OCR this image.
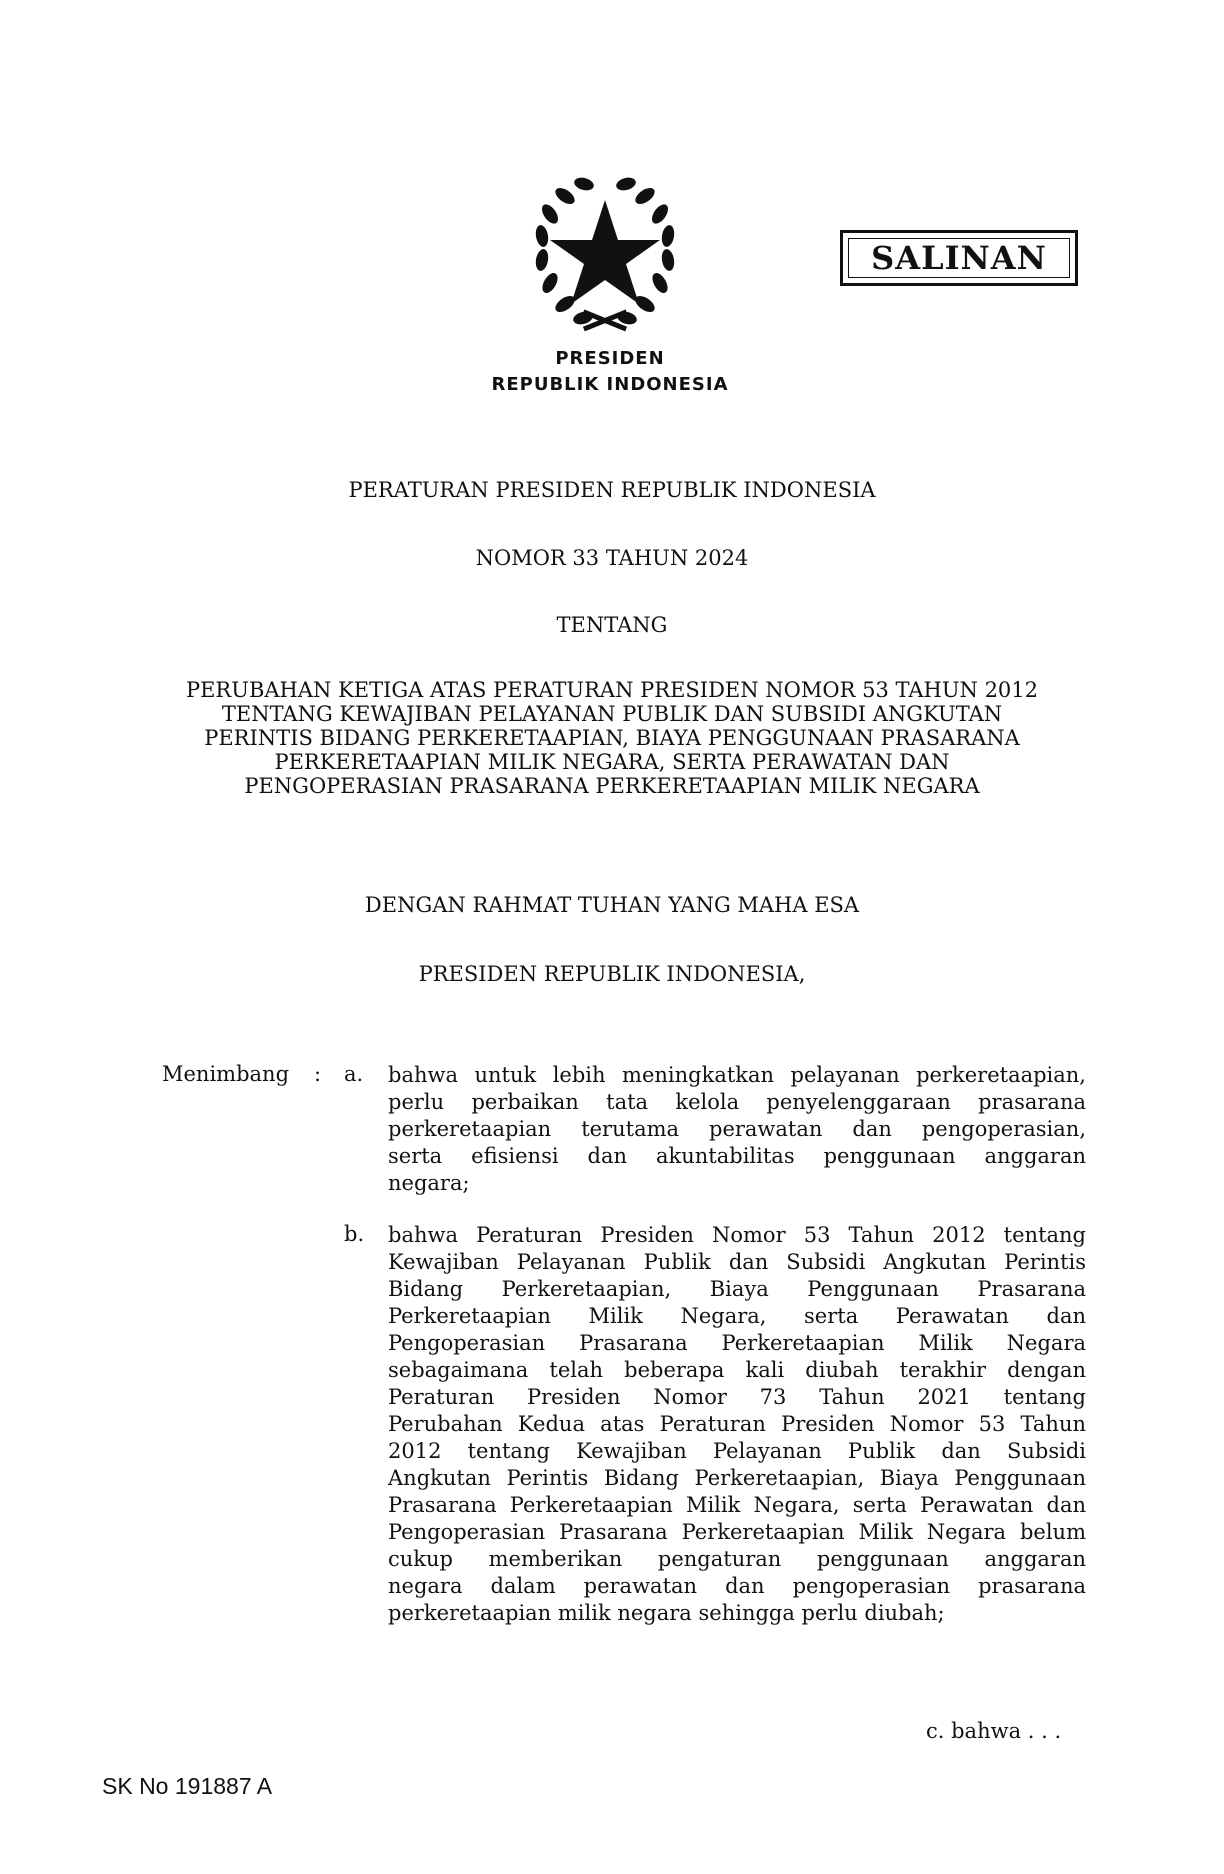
PRESIDEN
REPUBLIK INDONESIA
SALINAN
PERATURAN PRESIDEN REPUBLIK INDONESIA
NOMOR 33 TAHUN 2024
TENTANG
PERUBAHAN KETIGA ATAS PERATURAN PRESIDEN NOMOR 53 TAHUN 2012
TENTANG KEWAJIBAN PELAYANAN PUBLIK DAN SUBSIDI ANGKUTAN
PERINTIS BIDANG PERKERETAAPIAN, BIAYA PENGGUNAAN PRASARANA
PERKERETAAPIAN MILIK NEGARA, SERTA PERAWATAN DAN
PENGOPERASIAN PRASARANA PERKERETAAPIAN MILIK NEGARA
DENGAN RAHMAT TUHAN YANG MAHA ESA
PRESIDEN REPUBLIK INDONESIA,
Menimbang : a. bahwa untuk lebih meningkatkan pelayanan perkeretaapian,
perlu perbaikan tata kelola penyelenggaraan prasarana
perkeretaapian terutama perawatan dan pengoperasian,
serta efisiensi dan akuntabilitas penggunaan anggaran
negara;
b. bahwa Peraturan Presiden Nomor 53 Tahun 2012 tentang
Kewajiban Pelayanan Publik dan Subsidi Angkutan Perintis
Bidang Perkeretaapian, Biaya Penggunaan Prasarana
Perkeretaapian Milik Negara, serta Perawatan dan
Pengoperasian Prasarana Perkeretaapian Milik Negara
sebagaimana telah beberapa kali diubah terakhir dengan
Peraturan Presiden Nomor 73 Tahun 2021 tentang
Perubahan Kedua atas Peraturan Presiden Nomor 53 Tahun
2012 tentang Kewajiban Pelayanan Publik dan Subsidi
Angkutan Perintis Bidang Perkeretaapian, Biaya Penggunaan
Prasarana Perkeretaapian Milik Negara, serta Perawatan dan
Pengoperasian Prasarana Perkeretaapian Milik Negara belum
cukup memberikan pengaturan penggunaan anggaran
negara dalam perawatan dan pengoperasian prasarana
perkeretaapian milik negara sehingga perlu diubah;
c. bahwa . . .
SK No 191887 A
